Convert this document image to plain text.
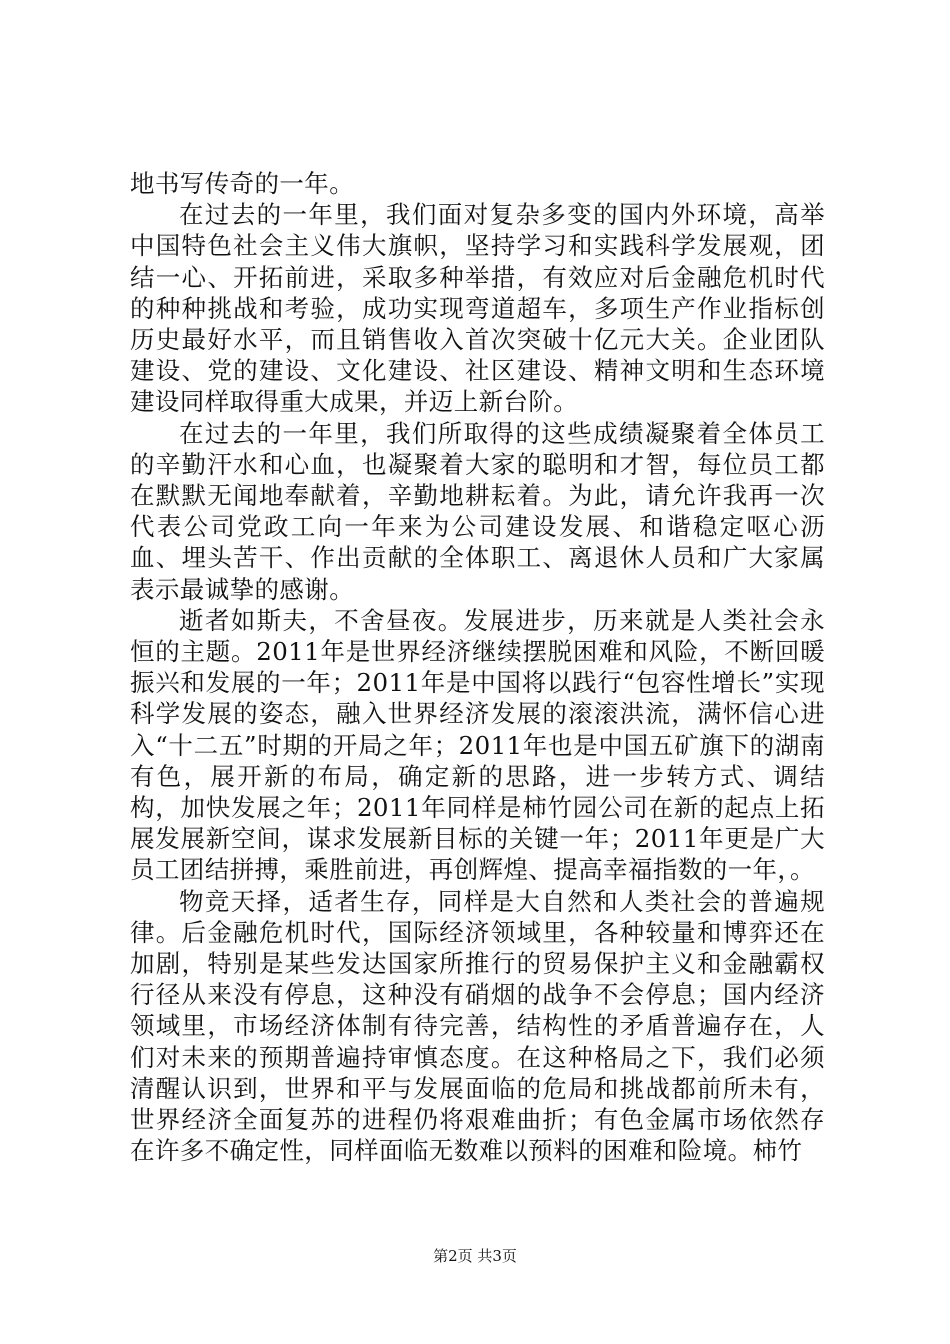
地书写传奇的一年。

在过去的一年里，我们面对复杂多变的国内外环境，高举中国特色社会主义伟大旗帜，坚持学习和实践科学发展观，团结一心、开拓前进，采取多种举措，有效应对后金融危机时代的种种挑战和考验，成功实现弯道超车，多项生产作业指标创历史最好水平，而且销售收入首次突破十亿元大关。企业团队建设、党的建设、文化建设、社区建设、精神文明和生态环境建设同样取得重大成果，并迈上新台阶。

在过去的一年里，我们所取得的这些成绩凝聚着全体员工的辛勤汗水和心血，也凝聚着大家的聪明和才智，每位员工都在默默无闻地奉献着，辛勤地耕耘着。为此，请允许我再一次代表公司党政工向一年来为公司建设发展、和谐稳定呕心沥血、埋头苦干、作出贡献的全体职工、离退休人员和广大家属表示最诚挚的感谢。

逝者如斯夫，不舍昼夜。发展进步，历来就是人类社会永恒的主题。2011年是世界经济继续摆脱困难和风险，不断回暖振兴和发展的一年；2011年是中国将以践行“包容性增长”实现科学发展的姿态，融入世界经济发展的滚滚洪流，满怀信心进入“十二五”时期的开局之年；2011年也是中国五矿旗下的湖南有色，展开新的布局，确定新的思路，进一步转方式、调结构，加快发展之年；2011年同样是柿竹园公司在新的起点上拓展发展新空间，谋求发展新目标的关键一年；2011年更是广大员工团结拼搏，乘胜前进，再创辉煌、提高幸福指数的一年，。

物竞天择，适者生存，同样是大自然和人类社会的普遍规律。后金融危机时代，国际经济领域里，各种较量和博弈还在加剧，特别是某些发达国家所推行的贸易保护主义和金融霸权行径从来没有停息，这种没有硝烟的战争不会停息；国内经济领域里，市场经济体制有待完善，结构性的矛盾普遍存在，人们对未来的预期普遍持审慎态度。在这种格局之下，我们必须清醒认识到，世界和平与发展面临的危局和挑战都前所未有，世界经济全面复苏的进程仍将艰难曲折；有色金属市场依然存在许多不确定性，同样面临无数难以预料的困难和险境。柿竹

第2页 共3页
